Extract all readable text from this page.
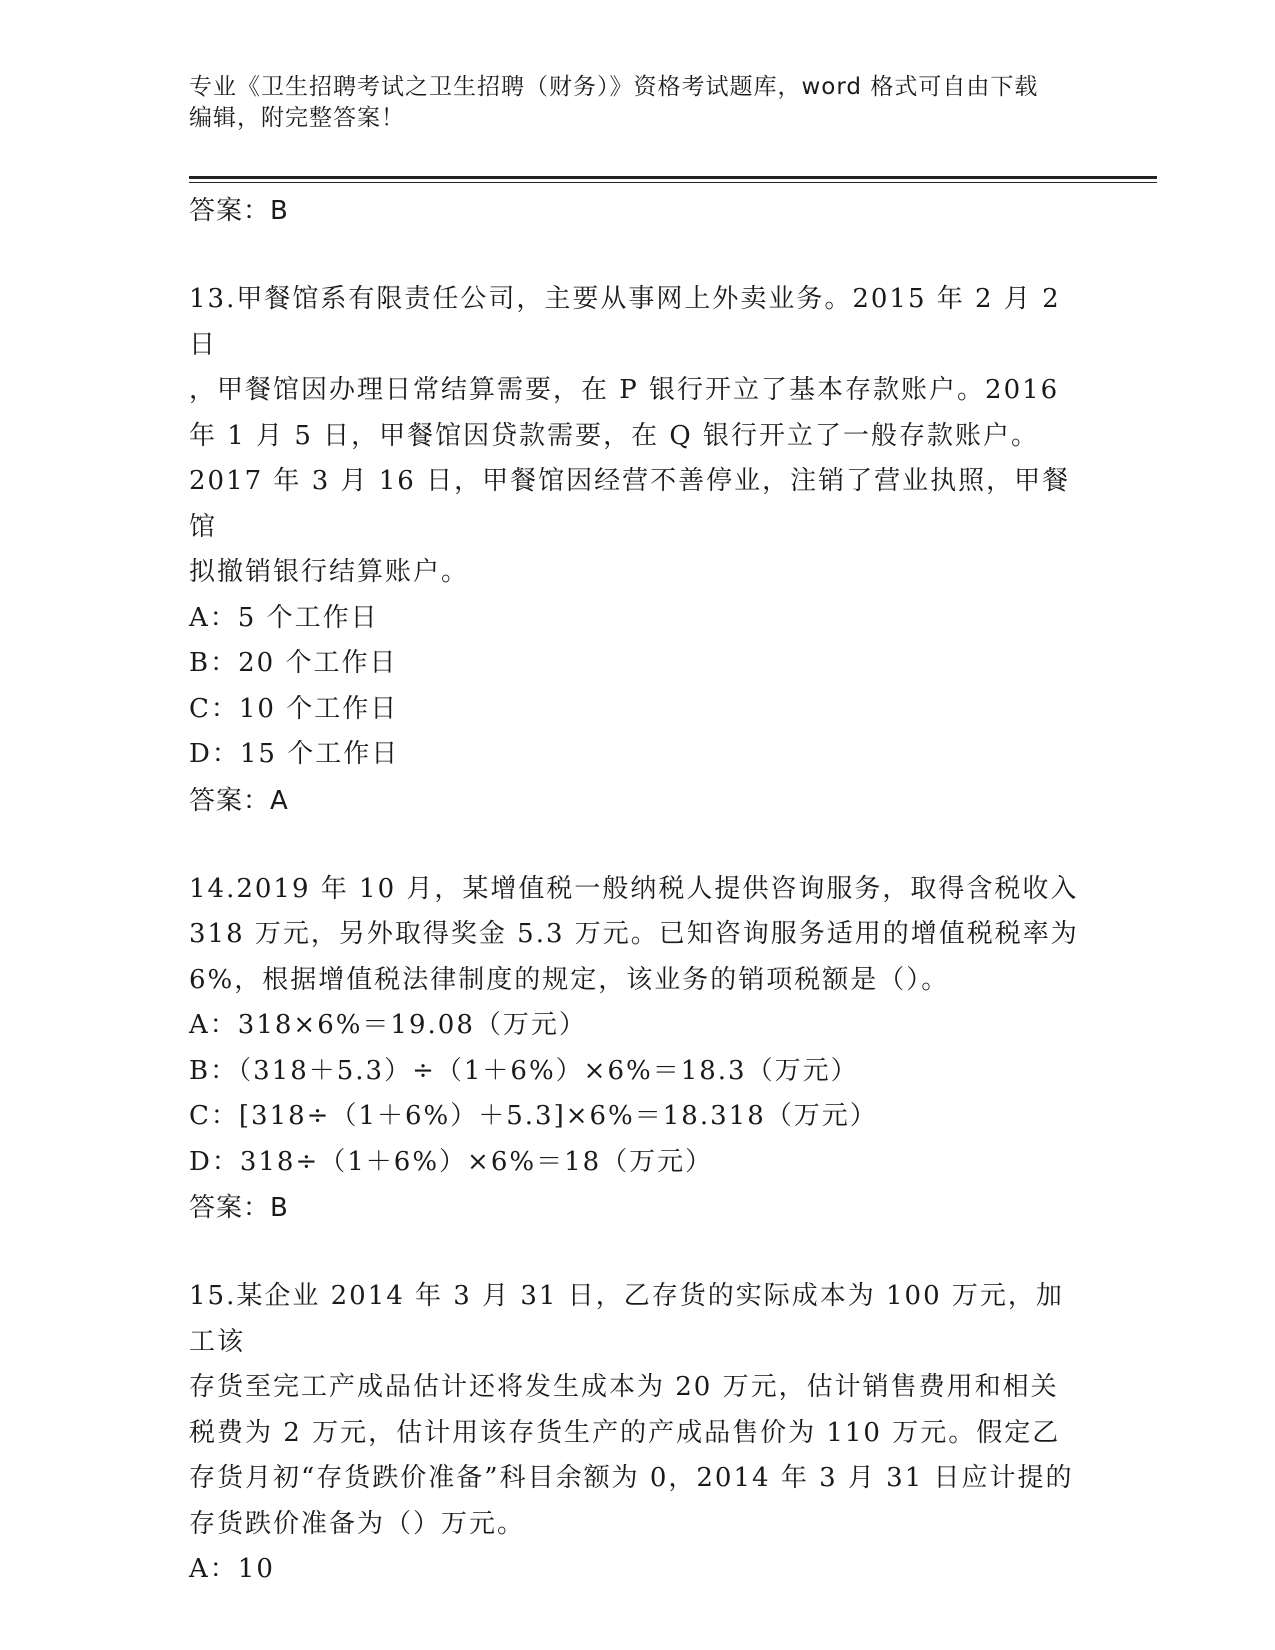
专业《卫生招聘考试之卫生招聘（财务）》资格考试题库，word 格式可自由下载
编辑，附完整答案！
答案：B
13.甲餐馆系有限责任公司，主要从事网上外卖业务。2015 年 2 月 2 日
，甲餐馆因办理日常结算需要，在 P 银行开立了基本存款账户。2016
年 1 月 5 日，甲餐馆因贷款需要，在 Q 银行开立了一般存款账户。
2017 年 3 月 16 日，甲餐馆因经营不善停业，注销了营业执照，甲餐馆
拟撤销银行结算账户。
A：5 个工作日
B：20 个工作日
C：10 个工作日
D：15 个工作日
答案：A
14.2019 年 10 月，某增值税一般纳税人提供咨询服务，取得含税收入
318 万元，另外取得奖金 5.3 万元。已知咨询服务适用的增值税税率为
6%，根据增值税法律制度的规定，该业务的销项税额是（）。
A：318×6%＝19.08（万元）
B：（318＋5.3）÷（1＋6%）×6%＝18.3（万元）
C：[318÷（1＋6%）＋5.3]×6%＝18.318（万元）
D：318÷（1＋6%）×6%＝18（万元）
答案：B
15.某企业 2014 年 3 月 31 日，乙存货的实际成本为 100 万元，加工该
存货至完工产成品估计还将发生成本为 20 万元，估计销售费用和相关
税费为 2 万元，估计用该存货生产的产成品售价为 110 万元。假定乙
存货月初“存货跌价准备”科目余额为 0，2014 年 3 月 31 日应计提的
存货跌价准备为（）万元。
A：10
